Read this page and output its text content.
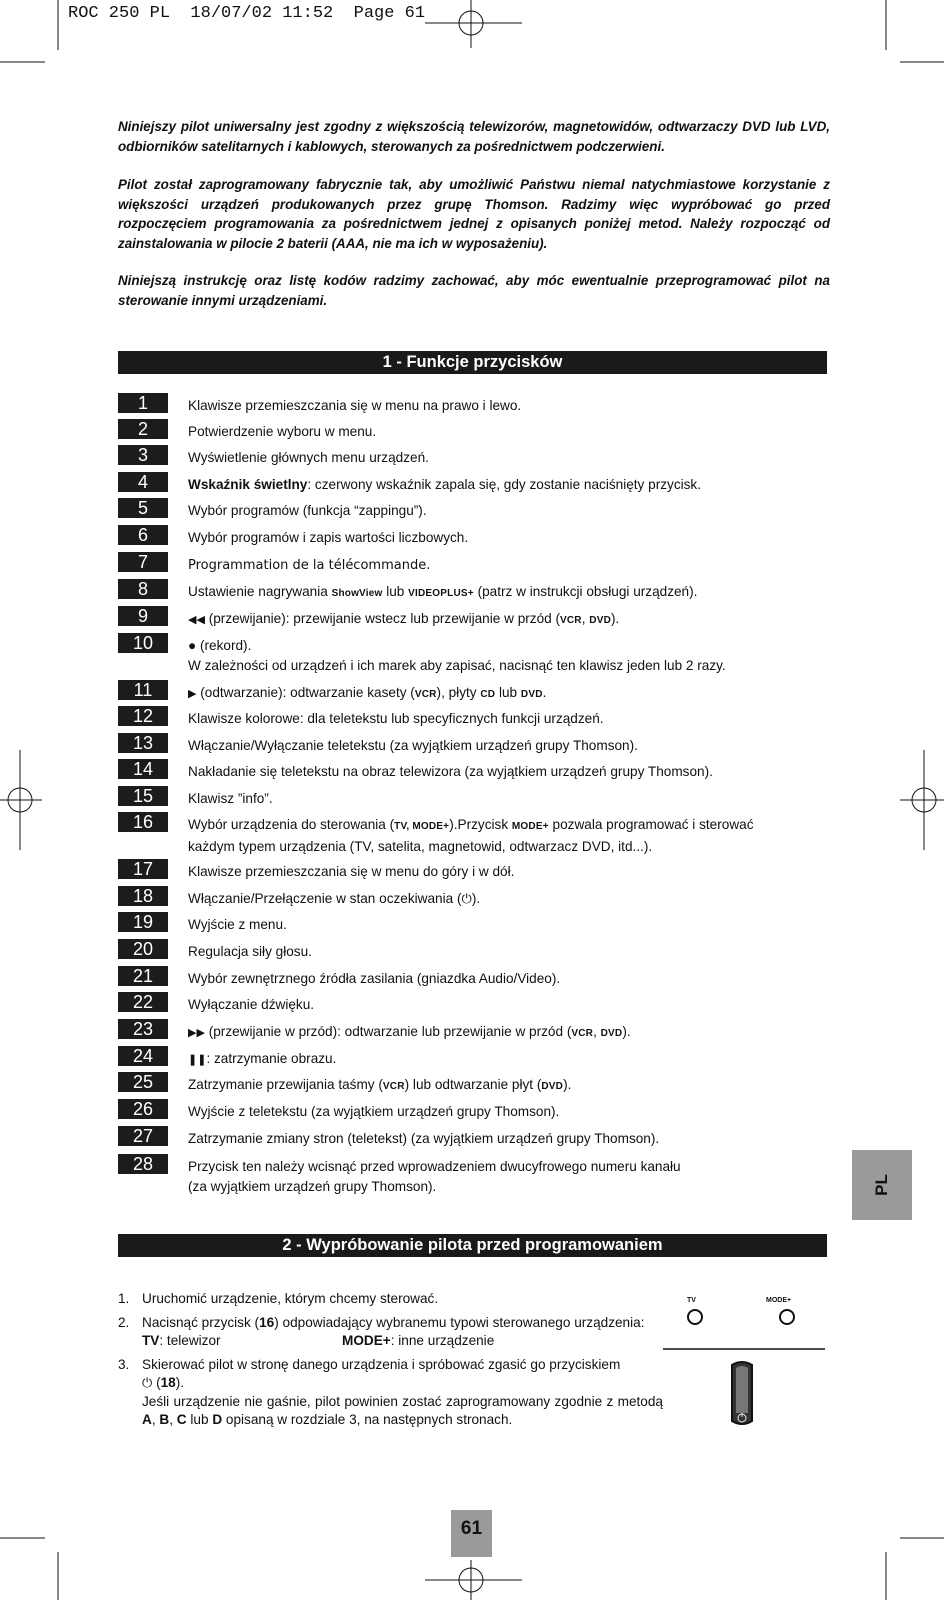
ROC 250 PL  18/07/02 11:52  Page 61
Niniejszy pilot uniwersalny jest zgodny z większością telewizorów, magnetowidów, odtwarzaczy DVD lub LVD, odbiorników satelitarnych i kablowych, sterowanych za pośrednictwem podczerwieni.
Pilot został zaprogramowany fabrycznie tak, aby umożliwić Państwu niemal natychmiastowe korzystanie z większości urządzeń produkowanych przez grupę Thomson. Radzimy więc wypróbować go przed rozpoczęciem programowania za pośrednictwem jednej z opisanych poniżej metod. Należy rozpocząć od zainstalowania w pilocie 2 baterii (AAA, nie ma ich w wyposażeniu).
Niniejszą instrukcję oraz listę kodów radzimy zachować, aby móc ewentualnie przeprogramować pilot na sterowanie innymi urządzeniami.
1 - Funkcje przycisków
1	Klawisze przemieszczania się w menu na prawo i lewo.
2	Potwierdzenie wyboru w menu.
3	Wyświetlenie głównych menu urządzeń.
4	Wskaźnik świetlny: czerwony wskaźnik zapala się, gdy zostanie naciśnięty przycisk.
5	Wybór programów (funkcja “zappingu”).
6	Wybór programów i zapis wartości liczbowych.
7	Programmation de la télécommande.
8	Ustawienie nagrywania ShowView lub VIDEOPLUS+ (patrz w instrukcji obsługi urządzeń).
9	◀◀ (przewijanie): przewijanie wstecz lub przewijanie w przód (VCR, DVD).
10	● (rekord).
W zależności od urządzeń i ich marek aby zapisać, nacisnąć ten klawisz jeden lub 2 razy.
11	▶ (odtwarzanie): odtwarzanie kasety (VCR), płyty CD lub DVD.
12	Klawisze kolorowe: dla teletekstu lub specyficznych funkcji urządzeń.
13	Włączanie/Wyłączanie teletekstu (za wyjątkiem urządzeń grupy Thomson).
14	Nakładanie się teletekstu na obraz telewizora (za wyjątkiem urządzeń grupy Thomson).
15	Klawisz ”info”.
16	Wybór urządzenia do sterowania (TV, MODE+).Przycisk MODE+ pozwala programować i sterować
każdym typem urządzenia (TV, satelita, magnetowid, odtwarzacz DVD, itd...).
17	Klawisze przemieszczania się w menu do góry i w dół.
18	Włączanie/Przełączenie w stan oczekiwania (⏻).
19	Wyjście z menu.
20	Regulacja siły głosu.
21	Wybór zewnętrznego źródła zasilania (gniazdka Audio/Video).
22	Wyłączanie dźwięku.
23	▶▶ (przewijanie w przód): odtwarzanie lub przewijanie w przód (VCR, DVD).
24	❚❚: zatrzymanie obrazu.
25	Zatrzymanie przewijania taśmy (VCR) lub odtwarzanie płyt (DVD).
26	Wyjście z teletekstu (za wyjątkiem urządzeń grupy Thomson).
27	Zatrzymanie zmiany stron (teletekst) (za wyjątkiem urządzeń grupy Thomson).
28	Przycisk ten należy wcisnąć przed wprowadzeniem dwucyfrowego numeru kanału
(za wyjątkiem urządzeń grupy Thomson).
2 - Wypróbowanie pilota przed programowaniem
1. Uruchomić urządzenie, którym chcemy sterować.
2. Nacisnąć przycisk (16) odpowiadający wybranemu typowi sterowanego urządzenia:
TV: telewizor	MODE+: inne urządzenie
3. Skierować pilot w stronę danego urządzenia i spróbować zgasić go przyciskiem
⏻ (18).
Jeśli urządzenie nie gaśnie, pilot powinien zostać zaprogramowany zgodnie z metodą A, B, C lub D opisaną w rozdziale 3, na następnych stronach.
TV	MODE+
PL
61
